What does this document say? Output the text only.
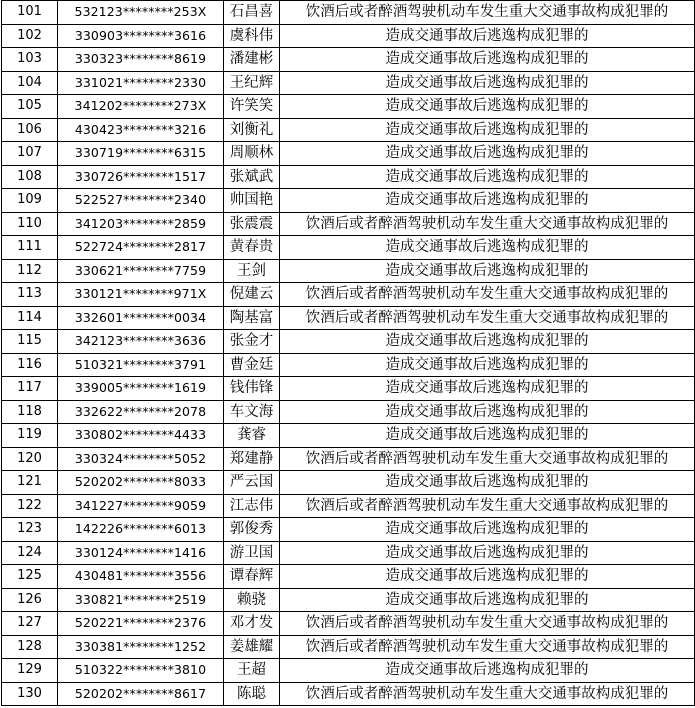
101	532123********253X	石昌喜	饮酒后或者醉酒驾驶机动车发生重大交通事故构成犯罪的
102	330903********3616	虞科伟	造成交通事故后逃逸构成犯罪的
103	330323********8619	潘建彬	造成交通事故后逃逸构成犯罪的
104	331021********2330	王纪辉	造成交通事故后逃逸构成犯罪的
105	341202********273X	许笑笑	造成交通事故后逃逸构成犯罪的
106	430423********3216	刘衡礼	造成交通事故后逃逸构成犯罪的
107	330719********6315	周顺林	造成交通事故后逃逸构成犯罪的
108	330726********1517	张斌武	造成交通事故后逃逸构成犯罪的
109	522527********2340	帅国艳	造成交通事故后逃逸构成犯罪的
110	341203********2859	张震震	饮酒后或者醉酒驾驶机动车发生重大交通事故构成犯罪的
111	522724********2817	黄春贵	造成交通事故后逃逸构成犯罪的
112	330621********7759	王剑	造成交通事故后逃逸构成犯罪的
113	330121********971X	倪建云	饮酒后或者醉酒驾驶机动车发生重大交通事故构成犯罪的
114	332601********0034	陶基富	饮酒后或者醉酒驾驶机动车发生重大交通事故构成犯罪的
115	342123********3636	张金才	造成交通事故后逃逸构成犯罪的
116	510321********3791	曹金廷	造成交通事故后逃逸构成犯罪的
117	339005********1619	钱伟锋	造成交通事故后逃逸构成犯罪的
118	332622********2078	车文海	造成交通事故后逃逸构成犯罪的
119	330802********4433	龚睿	造成交通事故后逃逸构成犯罪的
120	330324********5052	郑建静	饮酒后或者醉酒驾驶机动车发生重大交通事故构成犯罪的
121	520202********8033	严云国	造成交通事故后逃逸构成犯罪的
122	341227********9059	江志伟	饮酒后或者醉酒驾驶机动车发生重大交通事故构成犯罪的
123	142226********6013	郭俊秀	造成交通事故后逃逸构成犯罪的
124	330124********1416	游卫国	造成交通事故后逃逸构成犯罪的
125	430481********3556	谭春辉	造成交通事故后逃逸构成犯罪的
126	330821********2519	赖骁	造成交通事故后逃逸构成犯罪的
127	520221********2376	邓才发	饮酒后或者醉酒驾驶机动车发生重大交通事故构成犯罪的
128	330381********1252	姜雄耀	饮酒后或者醉酒驾驶机动车发生重大交通事故构成犯罪的
129	510322********3810	王超	造成交通事故后逃逸构成犯罪的
130	520202********8617	陈聪	饮酒后或者醉酒驾驶机动车发生重大交通事故构成犯罪的
